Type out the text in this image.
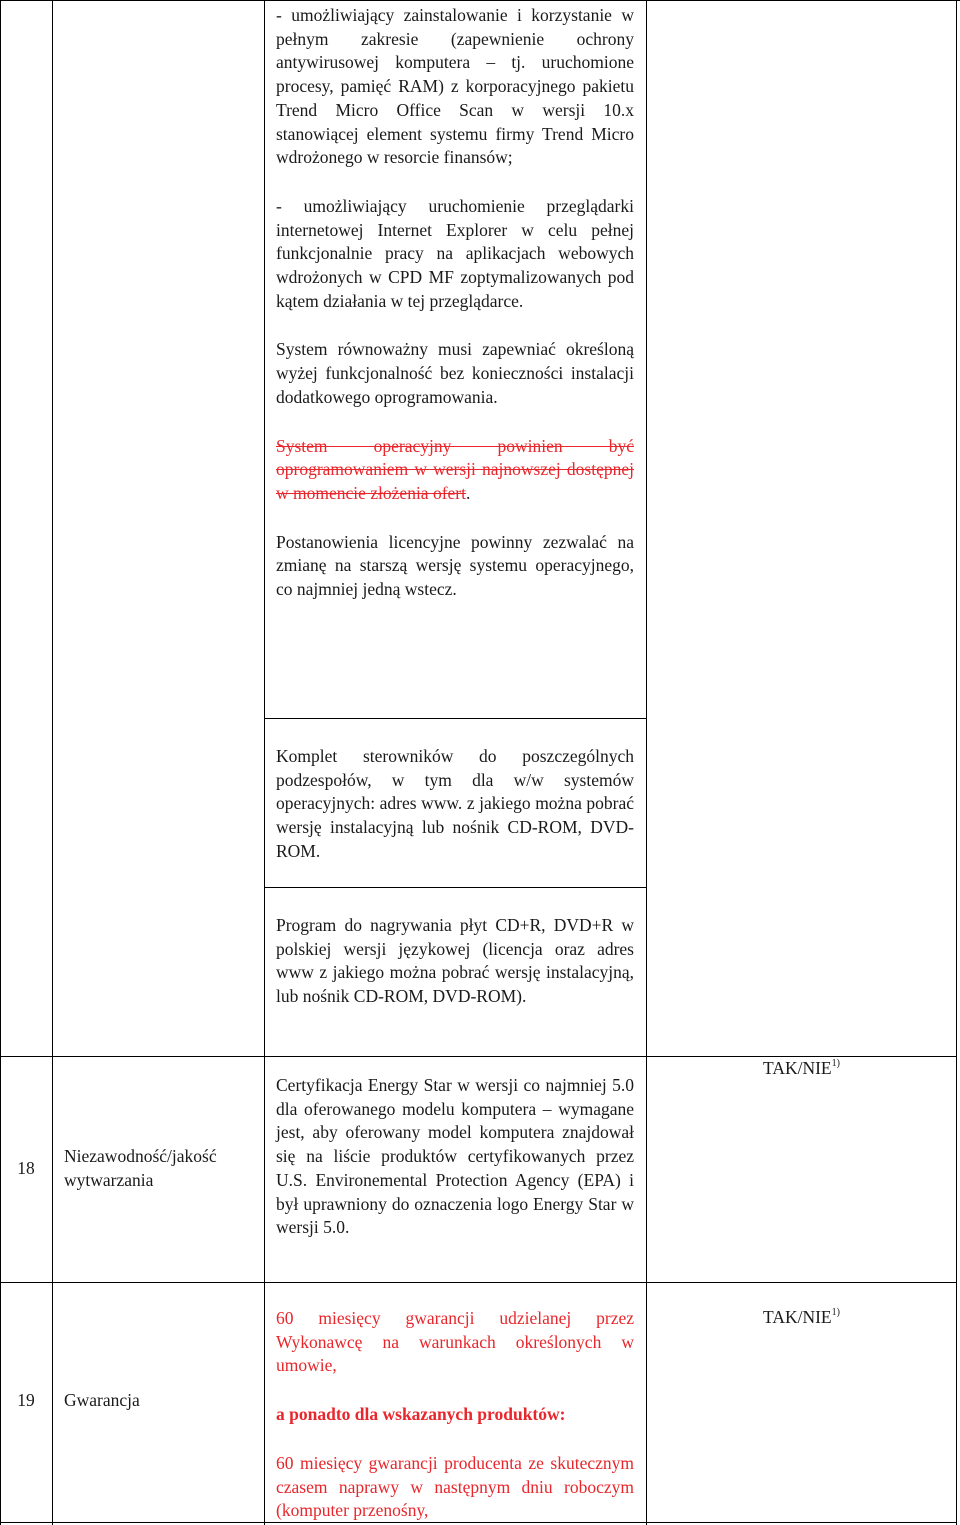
- umożliwiający zainstalowanie i korzystanie w pełnym zakresie (zapewnienie ochrony antywirusowej komputera – tj. uruchomione procesy, pamięć RAM) z korporacyjnego pakietu Trend Micro Office Scan w wersji 10.x stanowiącej element systemu firmy Trend Micro wdrożonego w resorcie finansów;

- umożliwiający uruchomienie przeglądarki internetowej Internet Explorer w celu pełnej funkcjonalnie pracy na aplikacjach webowych wdrożonych w CPD MF zoptymalizowanych pod kątem działania w tej przeglądarce.

System równoważny musi zapewniać określoną wyżej funkcjonalność bez konieczności instalacji dodatkowego oprogramowania.

System operacyjny powinien być oprogramowaniem w wersji najnowszej dostępnej w momencie złożenia ofert.

Postanowienia licencyjne powinny zezwalać na zmianę na starszą wersję systemu operacyjnego, co najmniej jedną wstecz.

Komplet sterowników do poszczególnych podzespołów, w tym dla w/w systemów operacyjnych: adres www. z jakiego można pobrać wersję instalacyjną lub nośnik CD-ROM, DVD-ROM.

Program do nagrywania płyt CD+R, DVD+R w polskiej wersji językowej (licencja oraz adres www z jakiego można pobrać wersję instalacyjną, lub nośnik CD-ROM, DVD-ROM).

18
Niezawodność/jakość wytwarzania

Certyfikacja Energy Star w wersji co najmniej 5.0 dla oferowanego modelu komputera – wymagane jest, aby oferowany model komputera znajdował się na liście produktów certyfikowanych przez U.S. Environemental Protection Agency (EPA) i był uprawniony do oznaczenia logo Energy Star w wersji 5.0.

TAK/NIE$^{1)}$
19	Gwarancja

60 miesięcy gwarancji udzielanej przez Wykonawcę na warunkach określonych w umowie,

a ponadto dla wskazanych produktów:

60 miesięcy gwarancji producenta ze skutecznym czasem naprawy w następnym dniu roboczym (komputer przenośny,

TAK/NIE$^{1)}$
